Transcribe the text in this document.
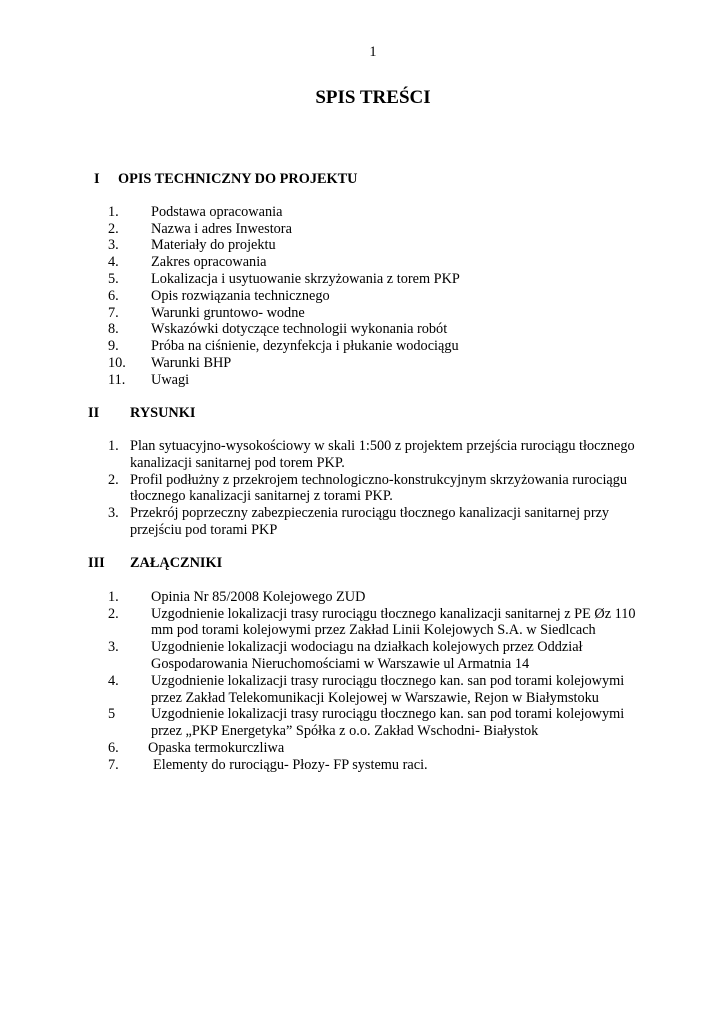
1
SPIS TREŚCI
I OPIS TECHNICZNY DO PROJEKTU
1. Podstawa opracowania
2. Nazwa i adres Inwestora
3. Materiały do projektu
4. Zakres opracowania
5. Lokalizacja i usytuowanie skrzyżowania z torem PKP
6. Opis rozwiązania technicznego
7. Warunki gruntowo- wodne
8. Wskazówki dotyczące technologii wykonania robót
9. Próba na ciśnienie, dezynfekcja i płukanie wodociągu
10. Warunki BHP
11. Uwagi
II RYSUNKI
1. Plan sytuacyjno-wysokościowy w skali 1:500 z projektem przejścia rurociągu tłocznego
kanalizacji sanitarnej pod torem PKP.
2. Profil podłużny z przekrojem technologiczno-konstrukcyjnym skrzyżowania rurociągu
tłocznego kanalizacji sanitarnej z torami PKP.
3. Przekrój poprzeczny zabezpieczenia rurociągu tłocznego kanalizacji sanitarnej przy
przejściu pod torami PKP
III ZAŁĄCZNIKI
1. Opinia Nr 85/2008 Kolejowego ZUD
2. Uzgodnienie lokalizacji trasy rurociągu tłocznego kanalizacji sanitarnej z PE Øz 110
mm pod torami kolejowymi przez Zakład Linii Kolejowych S.A. w Siedlcach
3. Uzgodnienie lokalizacji wodociagu na działkach kolejowych przez Oddział
Gospodarowania Nieruchomościami w Warszawie ul Armatnia 14
4. Uzgodnienie lokalizacji trasy rurociągu tłocznego kan. san pod torami kolejowymi
przez Zakład Telekomunikacji Kolejowej w Warszawie, Rejon w Białymstoku
5	Uzgodnienie lokalizacji trasy rurociągu tłocznego kan. san pod torami kolejowymi
przez „PKP Energetyka” Spółka z o.o. Zakład Wschodni- Białystok
6. Opaska termokurczliwa
7. Elementy do rurociągu- Płozy- FP systemu raci.
